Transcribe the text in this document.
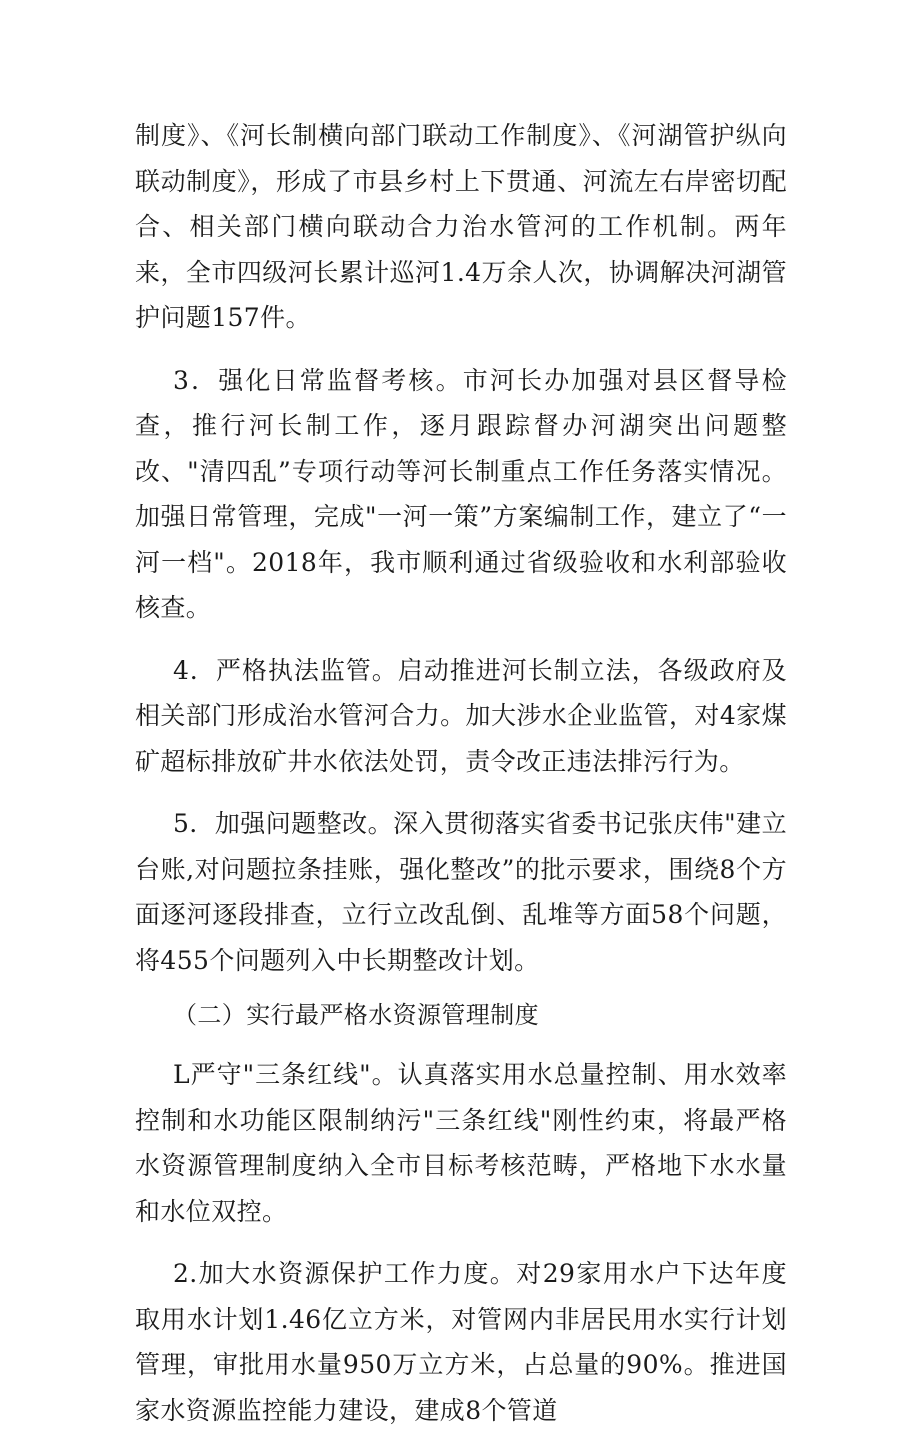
制度》、《河长制横向部门联动工作制度》、《河湖管护纵向联动制度》，形成了市县乡村上下贯通、河流左右岸密切配合、相关部门横向联动合力治水管河的工作机制。两年来，全市四级河长累计巡河1.4万余人次，协调解决河湖管护问题157件。

3．强化日常监督考核。市河长办加强对县区督导检查，推行河长制工作，逐月跟踪督办河湖突出问题整改、"清四乱”专项行动等河长制重点工作任务落实情况。加强日常管理，完成"一河一策”方案编制工作，建立了“一河一档"。2018年，我市顺利通过省级验收和水利部验收核查。

4．严格执法监管。启动推进河长制立法，各级政府及相关部门形成治水管河合力。加大涉水企业监管，对4家煤矿超标排放矿井水依法处罚，责令改正违法排污行为。

5．加强问题整改。深入贯彻落实省委书记张庆伟"建立台账,对问题拉条挂账，强化整改”的批示要求，围绕8个方面逐河逐段排查，立行立改乱倒、乱堆等方面58个问题，将455个问题列入中长期整改计划。

（二）实行最严格水资源管理制度

L严守"三条红线"。认真落实用水总量控制、用水效率控制和水功能区限制纳污"三条红线"刚性约束，将最严格水资源管理制度纳入全市目标考核范畴，严格地下水水量和水位双控。

2.加大水资源保护工作力度。对29家用水户下达年度取用水计划1.46亿立方米，对管网内非居民用水实行计划管理，审批用水量950万立方米，占总量的90%。推进国家水资源监控能力建设，建成8个管道
